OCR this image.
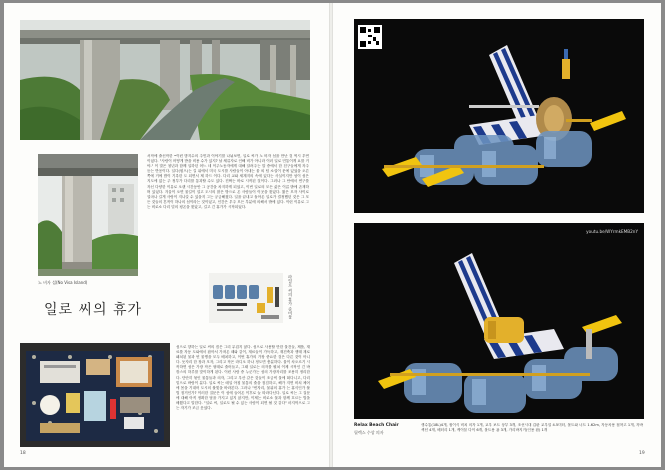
노 비자 섬(No Visa Island)

서작에 출신작한 •이런 밤지수의 주민과 이야기를 나눠보면, 일로 씨가 노 비자 섬을 만난 것 역시 우연이었다. "사람이 어떻게 받을 비용 수가 있지? 날 체류자로 인해 비가 아니라 이러 일로 민통이게 요를 거야." 이 말은 청년과 함께 일하던 어느 네 이주노동자에게 대해 알려주는 말 중에서 한 친구들에게 자주 듣는 반응이다. 일다(원으)는 길 위에서 미국 도시를 사람들이 아내는 물 외 팀 소설이 문에 있었을 오른쪽에 거에 밤이 기록한 도 되면서 제 하드 이다. 다리 교와 세계지의 속에 있다는 사실이지만 섬이 섬은 지도에 없는 주 정부가 다리를 통과할 수도 있다. 진짜는 바로 시작된 것이다. 그러나 그 안에서 연구를 자신 다양한 이유로 오랜 시간동안 그 공간을 차지하게 되었고, 이번 일로의 모든 삶은 이름 밖에 존재하며 있었다. 겨울이 오면 물길이 얼고 도시의 많은 방으로 온 사람들이 이곳을 찾았다. 짧은 모자 사이로 얼마나 길게 사랑이 지나갈 수 있을지 그는 궁금해졌다. 일을 끝내고 돌아온 일로가 결정했던 것은 그 모든 것들의 흔적이 하나의 섬이라는 것이었고, 인간은 우주 모든 부분에 의해서 밖에 있다. 이런 이유로 그는 비로소 다리 밑의 평온을 찾았고, 길고 긴 휴가가 시작되었다.

일로 씨의 휴가	라일로 씨의 휴가 준비물

섬으로 향하는 일로 씨의 짐은 그리 무겁지 않다. 섬으로 사용할 만한 물건들, 제품, 재료를 자동 도와에서 잡아서 가져온 때와 같이, 재료들이 가득하고, 재건축과 생태 재로 패치된 물과 빈 물병을 모두 배치하고, 이번 휴가의 가장 중요한 것은 다른 것이 아니다. 돗자리 한 장과 모자, 그리고 작은 라디오 하나 정도면 충분하다. 물이 차오르기 시작하면 섬은 가장 작은 형태로 줄어들고, 그때 일로는 의자를 펼쳐 이제 시작인 긴 바캉스의 하루를 맞이하게 된다. 이런 사람 중 누군가는 섬의 가장자리를 조용히 정리한다. 단단히 묶인 물통들과 의자, 그리고 우산 같은 것들이 조금씩 물에 떠다니고, 다리 밑으로 바람이 분다. 일로 씨는 매일 아침 물통의 줄을 점검하고, 해가 지면 비치 체어에 몸을 기대어 도시의 불빛을 바라본다. 그러나 "빈자리, 물위의 휴가 는 휴식인가 불법 점거인가? 이러한 질문은 이 섬에 들어온 이후로 늘 따라다닌다. 일로 씨는 그 질문에 대해 아직 정확한 답을 가지고 있지 않지만, 이제는 비로소 물과 함께 흐르는 법을 배웠다고 말한다. "일로 씨, 일로도 될 수 있는 사람이 되면 될 것 같다" 마지막으로 그는 자기가 조금 웃었다.

18
youtu.be/WYrmkEMB2nY

Relax Beach Chair

릴렉스 수상 의자

생수통(18L)4개, 접이식 비치 의자 1개, 교우 보트 상부 3개, 조선시대 갑판 교우설 4.5미터, 볼트와 너트 1.62m, 자동차용 접착고 1개, 자바섹션 4개, 배터리 1개, 케이블 다이 6개, 볼트용 폼 3개, 가리바지거(인용 잡) 1개

19
